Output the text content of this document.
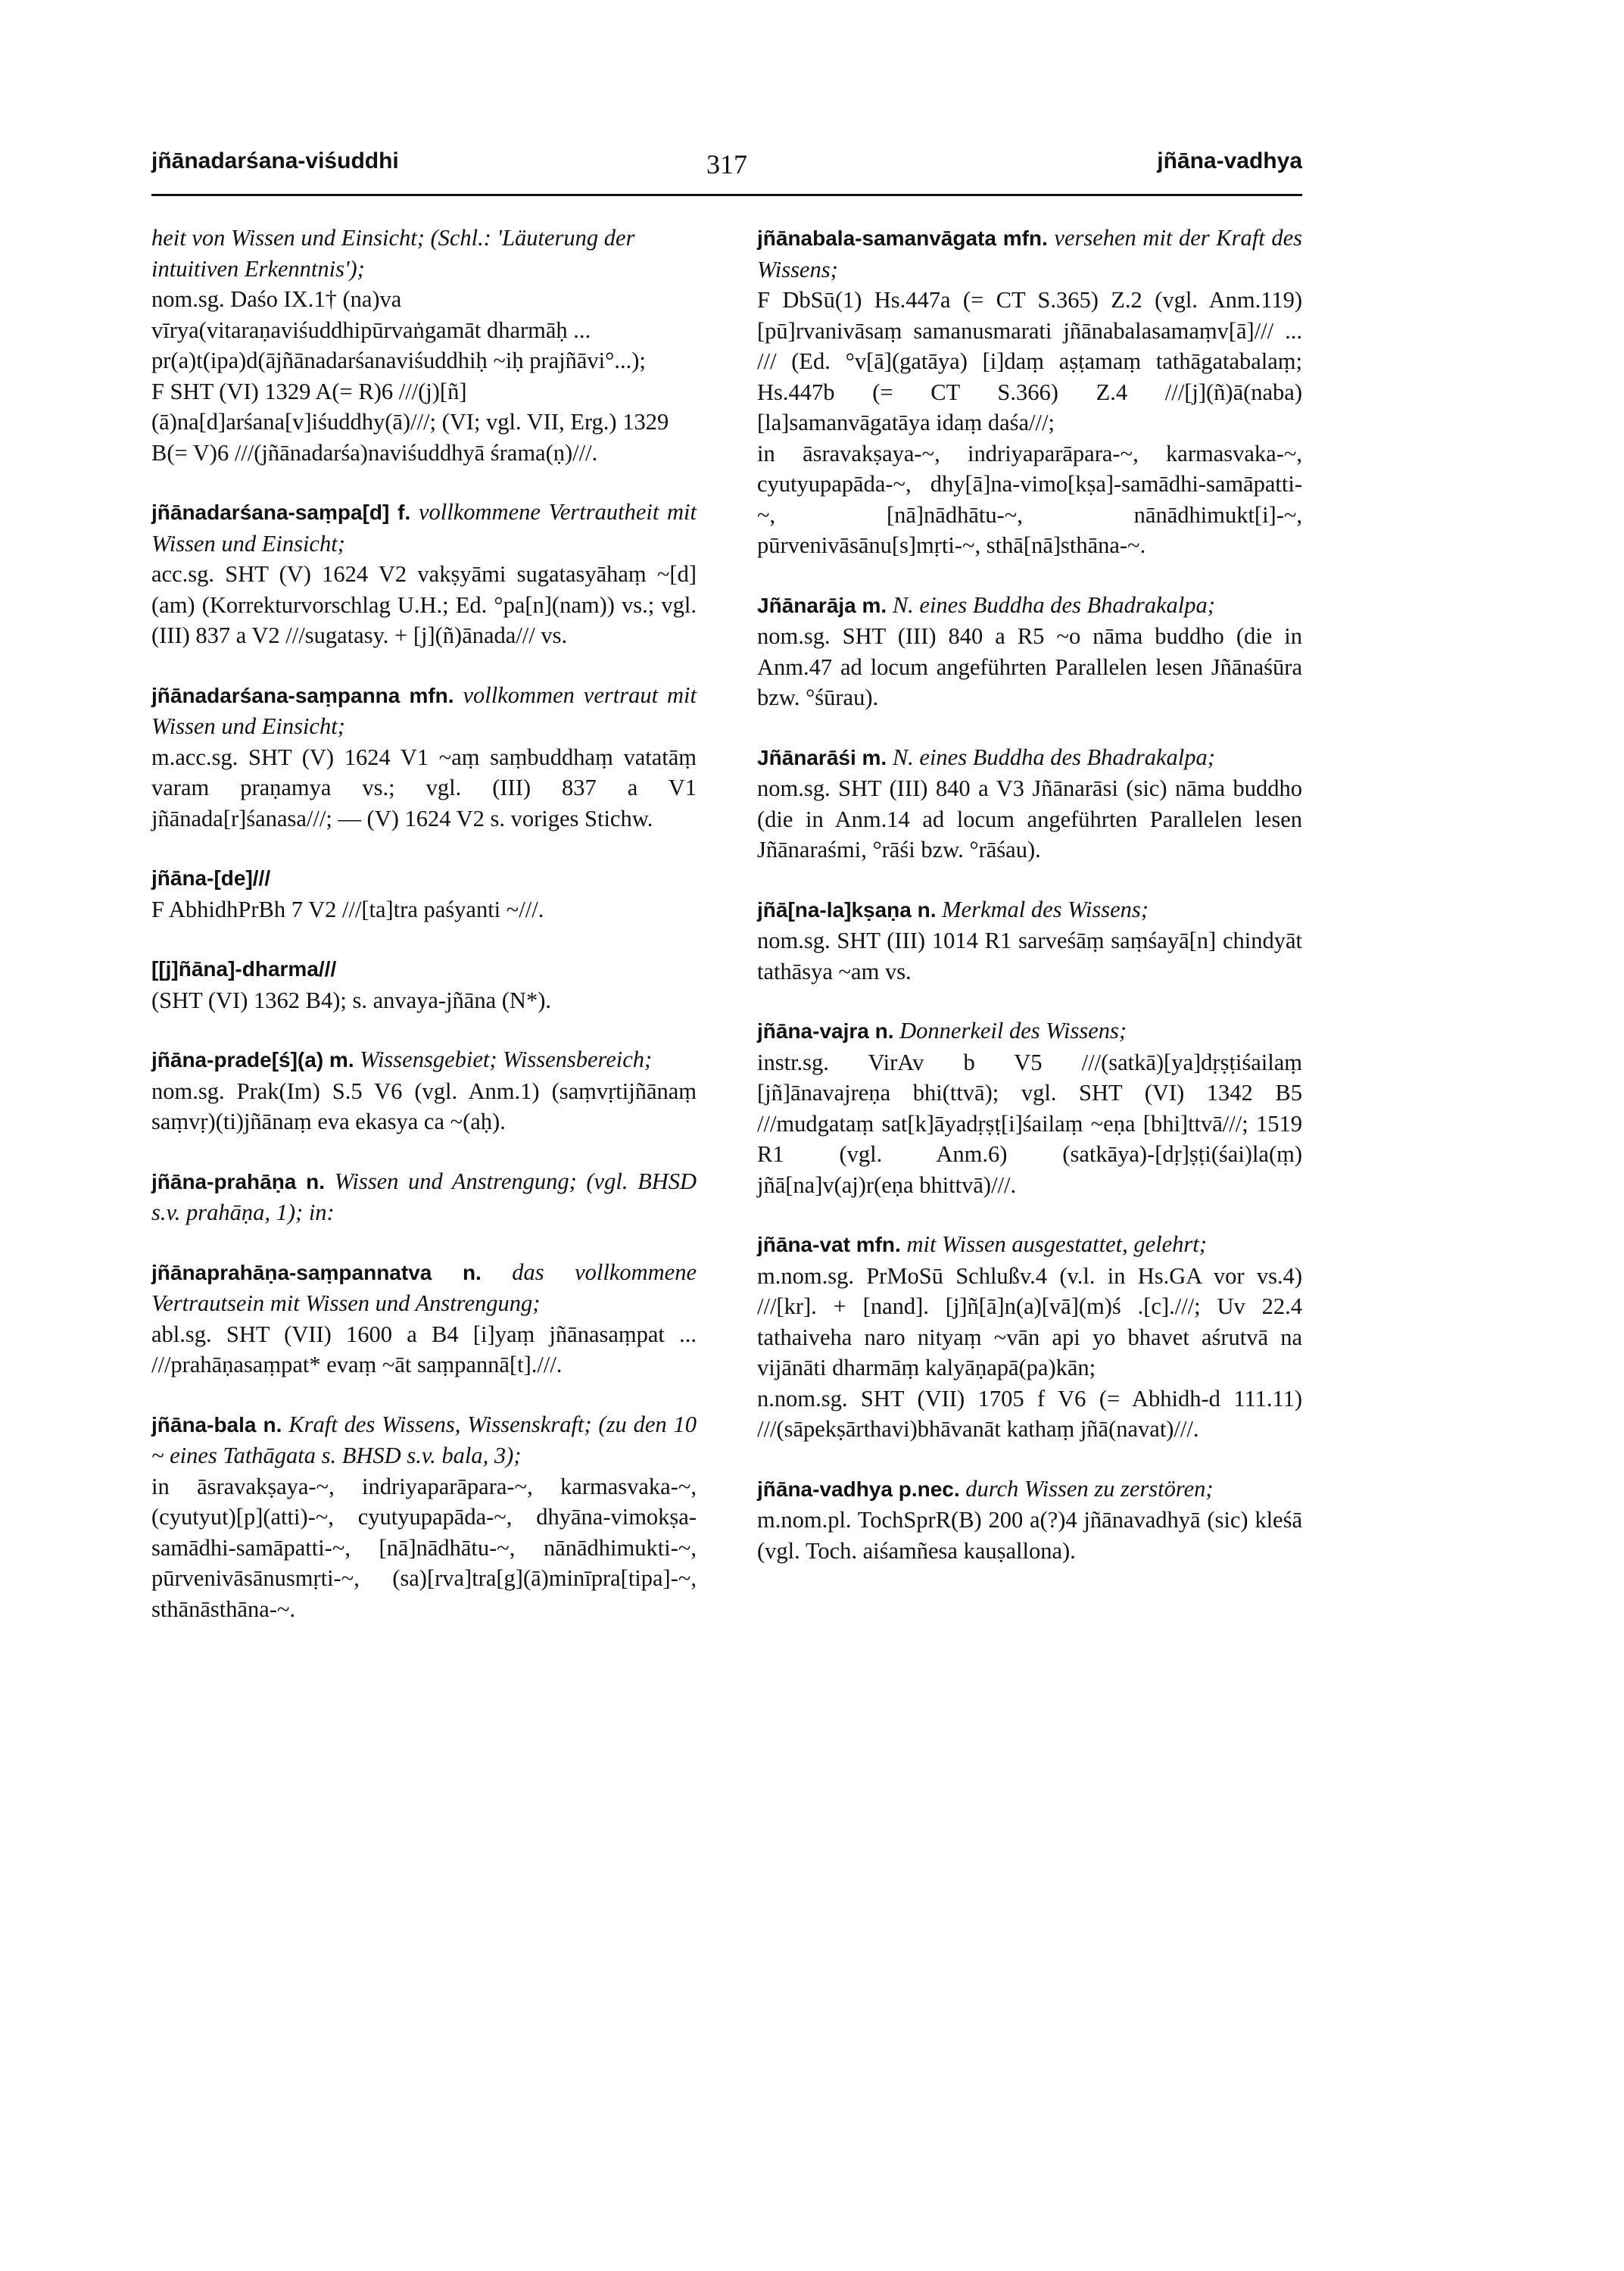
jñānadarśana-viśuddhi	317	jñāna-vadhya

heit von Wissen und Einsicht; (Schl.: 'Läuterung der intuitiven Erkenntnis');

nom.sg. Daśo IX.1† (na)va vīrya(vitaraṇaviśuddhipūrvaṅgamāt dharmāḥ ... pr(a)t(ipa)d(ājñānadarśanaviśuddhiḥ ~iḥ prajñāvi°...);

F SHT (VI) 1329 A(= R)6 ///(j)[ñ](ā)na[d]arśana[v]iśuddhy(ā)///; (VI; vgl. VII, Erg.) 1329 B(= V)6 ///(jñānadarśa)naviśuddhyā śrama(ṇ)///.

jñānadarśana-saṃpa[d] f. vollkommene Vertrautheit mit Wissen und Einsicht;

acc.sg. SHT (V) 1624 V2 vakṣyāmi sugatasyāhaṃ ~[d](am) (Korrekturvorschlag U.H.; Ed. °pa[n](nam)) vs.; vgl. (III) 837 a V2 ///sugatasy. + [j](ñ)ānada/// vs.

jñānadarśana-saṃpanna mfn. vollkommen vertraut mit Wissen und Einsicht;

m.acc.sg. SHT (V) 1624 V1 ~aṃ saṃbuddhaṃ vatatāṃ varam praṇamya vs.; vgl. (III) 837 a V1 jñānada[r]śanasa///; — (V) 1624 V2 s. voriges Stichw.

jñāna-[de]///

F AbhidhPrBh 7 V2 ///[ta]tra paśyanti ~///.

[[j]ñāna]-dharma///

(SHT (VI) 1362 B4); s. anvaya-jñāna (N*).

jñāna-prade[ś](a) m. Wissensgebiet; Wissensbereich;

nom.sg. Prak(Im) S.5 V6 (vgl. Anm.1) (saṃvṛtijñānaṃ saṃvṛ)(ti)jñānaṃ eva ekasya ca ~(aḥ).

jñāna-prahāṇa n. Wissen und Anstrengung; (vgl. BHSD s.v. prahāṇa, 1); in:

jñānaprahāṇa-saṃpannatva n. das vollkommene Vertrautsein mit Wissen und Anstrengung;

abl.sg. SHT (VII) 1600 a B4 [i]yaṃ jñānasaṃpat ... ///prahāṇasaṃpat* evaṃ ~āt saṃpannā[t].///.

jñāna-bala n. Kraft des Wissens, Wissenskraft; (zu den 10 ~ eines Tathāgata s. BHSD s.v. bala, 3);

in āsravakṣaya-~, indriyaparāpara-~, karmasvaka-~, (cyutyut)[p](atti)-~, cyutyupapāda-~, dhyāna-vimokṣa-samādhi-samāpatti-~, [nā]nādhātu-~, nānādhimukti-~, pūrvenivāsānusmṛti-~, (sa)[rva]tra[g](ā)minīpra[tipa]-~, sthānāsthāna-~.

jñānabala-samanvāgata mfn. versehen mit der Kraft des Wissens;

F DbSū(1) Hs.447a (= CT S.365) Z.2 (vgl. Anm.119) [pū]rvanivāsaṃ samanusmarati jñānabalasamaṃv[ā]/// ... /// (Ed. °v[ā](gatāya) [i]daṃ aṣṭamaṃ tathāgatabalaṃ; Hs.447b (= CT S.366) Z.4 ///[j](ñ)ā(naba)[la]samanvāgatāya idaṃ daśa///;

in āsravakṣaya-~, indriyaparāpara-~, karmasvaka-~, cyutyupapāda-~, dhy[ā]na-vimo[kṣa]-samādhi-samāpatti-~, [nā]nādhātu-~, nānādhimukt[i]-~, pūrvenivāsānu[s]mṛti-~, sthā[nā]sthāna-~.

Jñānarāja m. N. eines Buddha des Bhadrakalpa;

nom.sg. SHT (III) 840 a R5 ~o nāma buddho (die in Anm.47 ad locum angeführten Parallelen lesen Jñānaśūra bzw. °śūrau).

Jñānarāśi m. N. eines Buddha des Bhadrakalpa;

nom.sg. SHT (III) 840 a V3 Jñānarāsi (sic) nāma buddho (die in Anm.14 ad locum angeführten Parallelen lesen Jñānaraśmi, °rāśi bzw. °rāśau).

jñā[na-la]kṣaṇa n. Merkmal des Wissens;

nom.sg. SHT (III) 1014 R1 sarveśāṃ saṃśayā[n] chindyāt tathāsya ~am vs.

jñāna-vajra n. Donnerkeil des Wissens;

instr.sg. VirAv b V5 ///(satkā)[ya]dṛṣṭiśailaṃ [jñ]ānavajreṇa bhi(ttvā); vgl. SHT (VI) 1342 B5 ///mudgataṃ sat[k]āyadṛṣṭ[i]śailaṃ ~eṇa [bhi]ttvā///; 1519 R1 (vgl. Anm.6) (satkāya)-[dṛ]ṣṭi(śai)la(ṃ) jñā[na]v(aj)r(eṇa bhittvā)///.

jñāna-vat mfn. mit Wissen ausgestattet, gelehrt;

m.nom.sg. PrMoSū Schlußv.4 (v.l. in Hs.GA vor vs.4) ///[kr]. + [nand]. [j]ñ[ā]n(a)[vā](m)ś .[c].///; Uv 22.4 tathaiveha naro nityaṃ ~vān api yo bhavet aśrutvā na vijānāti dharmāṃ kalyāṇapā(pa)kān;

n.nom.sg. SHT (VII) 1705 f V6 (= Abhidh-d 111.11) ///(sāpekṣārthavi)bhāvanāt kathaṃ jñā(navat)///.

jñāna-vadhya p.nec. durch Wissen zu zerstören;

m.nom.pl. TochSprR(B) 200 a(?)4 jñānavadhyā (sic) kleśā (vgl. Toch. aiśamñesa kauṣallona).
